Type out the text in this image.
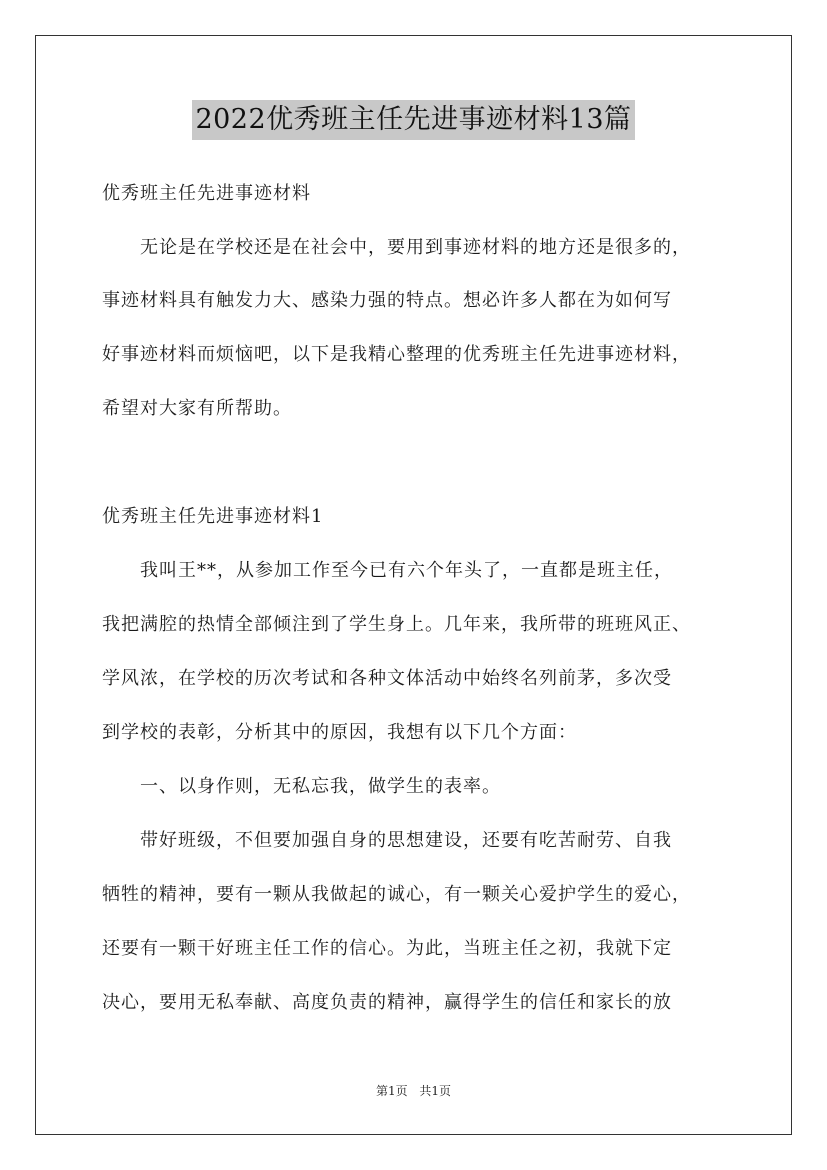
2022优秀班主任先进事迹材料13篇
优秀班主任先进事迹材料
无论是在学校还是在社会中，要用到事迹材料的地方还是很多的，
事迹材料具有触发力大、感染力强的特点。想必许多人都在为如何写
好事迹材料而烦恼吧，以下是我精心整理的优秀班主任先进事迹材料，
希望对大家有所帮助。
优秀班主任先进事迹材料1
我叫王**，从参加工作至今已有六个年头了，一直都是班主任，
我把满腔的热情全部倾注到了学生身上。几年来，我所带的班班风正、
学风浓，在学校的历次考试和各种文体活动中始终名列前茅，多次受
到学校的表彰，分析其中的原因，我想有以下几个方面：
一、以身作则，无私忘我，做学生的表率。
带好班级，不但要加强自身的思想建设，还要有吃苦耐劳、自我
牺牲的精神，要有一颗从我做起的诚心，有一颗关心爱护学生的爱心，
还要有一颗干好班主任工作的信心。为此，当班主任之初，我就下定
决心，要用无私奉献、高度负责的精神，赢得学生的信任和家长的放
第1页 共1页
